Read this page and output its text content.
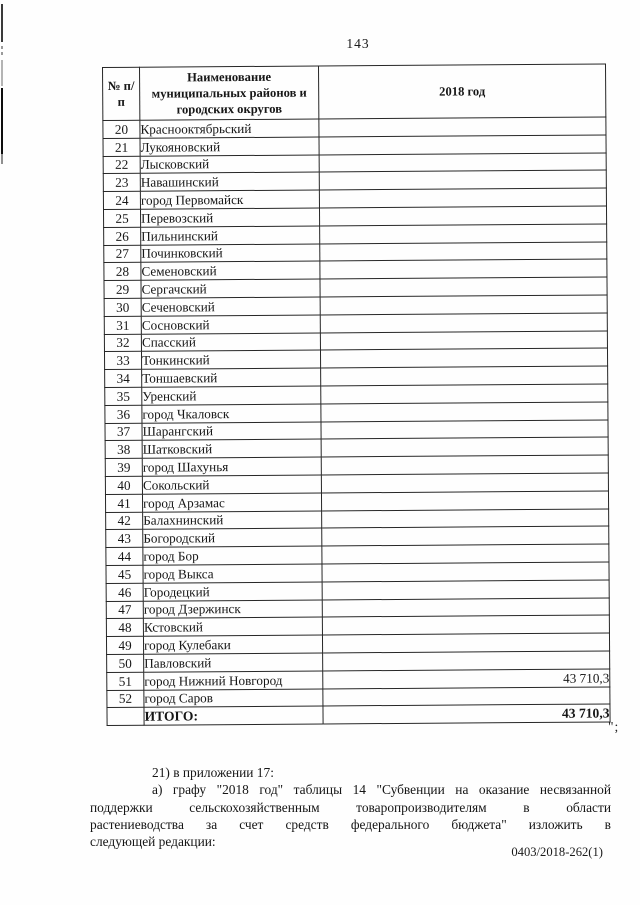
143
№ п/п	Наименование муниципальных районов и городских округов	2018 год
20	Краснооктябрьский	
21	Лукояновский	
22	Лысковский	
23	Навашинский	
24	город Первомайск	
25	Перевозский	
26	Пильнинский	
27	Починковский	
28	Семеновский	
29	Сергачский	
30	Сеченовский	
31	Сосновский	
32	Спасский	
33	Тонкинский	
34	Тоншаевский	
35	Уренский	
36	город Чкаловск	
37	Шарангский	
38	Шатковский	
39	город Шахунья	
40	Сокольский	
41	город Арзамас	
42	Балахнинский	
43	Богородский	
44	город Бор	
45	город Выкса	
46	Городецкий	
47	город Дзержинск	
48	Кстовский	
49	город Кулебаки	
50	Павловский	
51	город Нижний Новгород	43 710,3
52	город Саров	
	ИТОГО:	43 710,3
";

21) в приложении 17:

а) графу "2018 год" таблицы 14 "Субвенции на оказание несвязанной

поддержки сельскохозяйственным товаропроизводителям в области

растениеводства за счет средств федерального бюджета" изложить в

следующей редакции:

0403/2018-262(1)
